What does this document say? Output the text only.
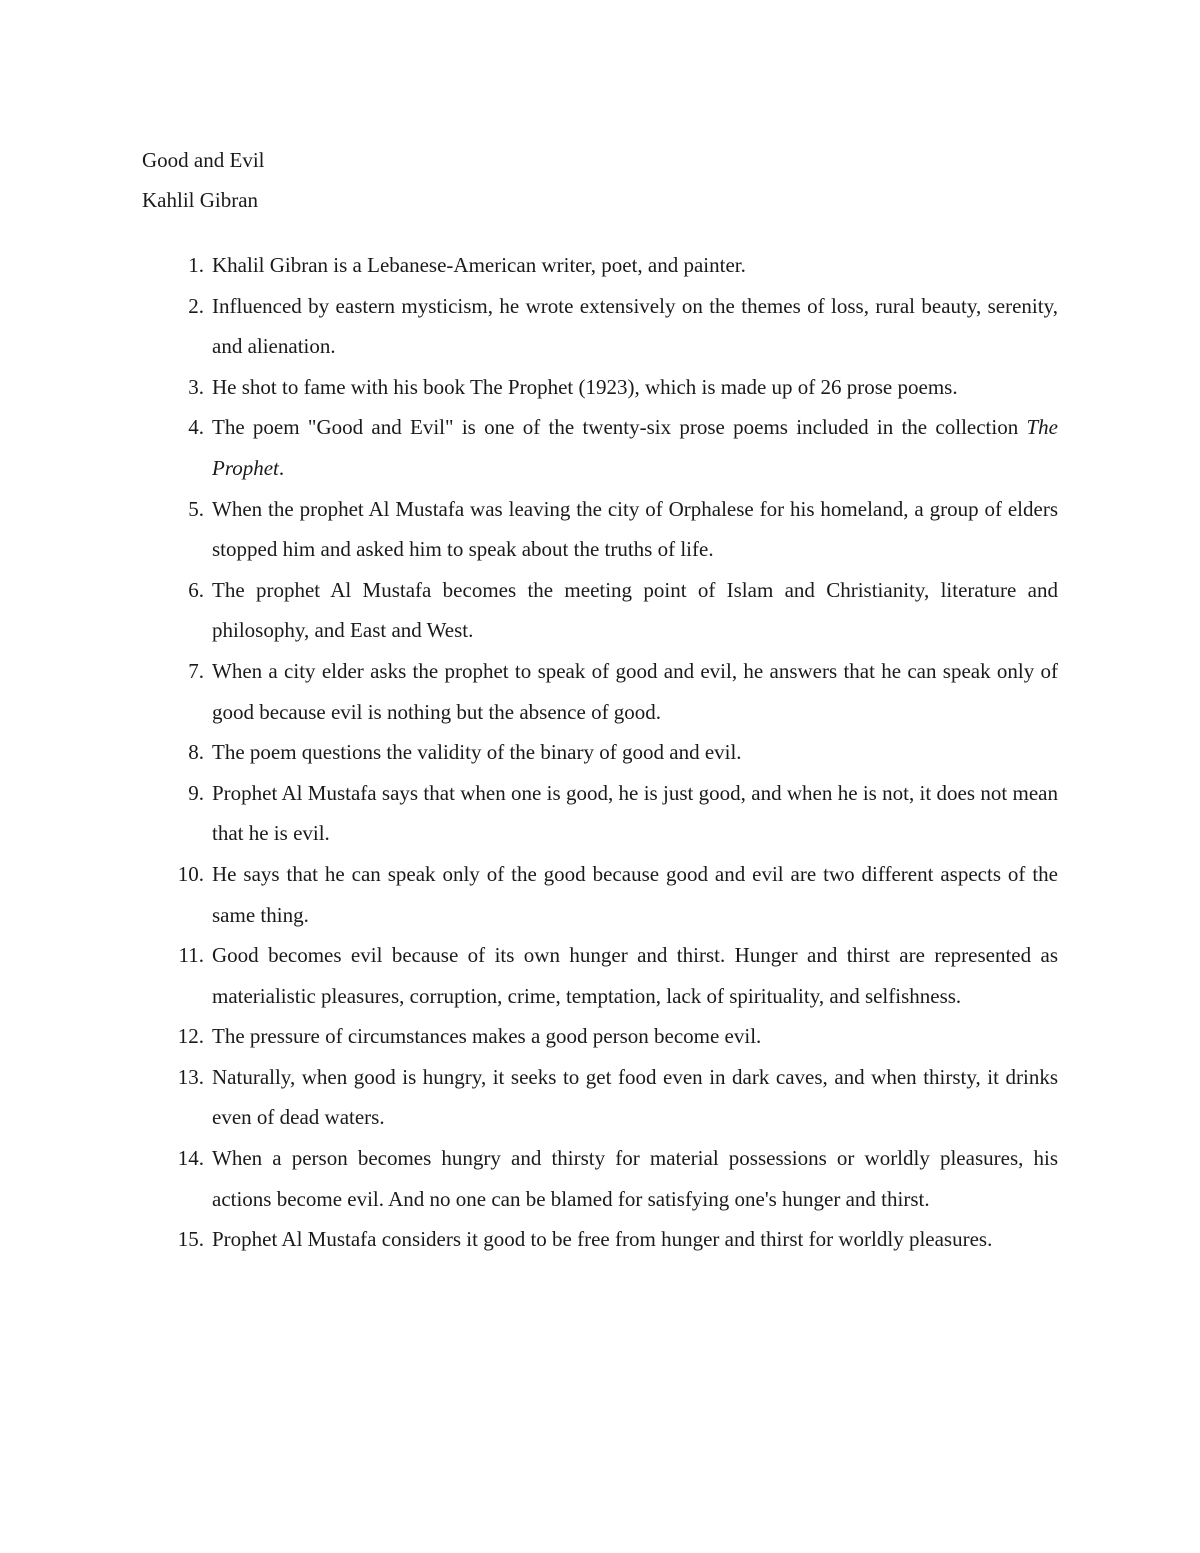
Good and Evil
Kahlil Gibran
1. Khalil Gibran is a Lebanese-American writer, poet, and painter.
2. Influenced by eastern mysticism, he wrote extensively on the themes of loss, rural beauty, serenity, and alienation.
3. He shot to fame with his book The Prophet (1923), which is made up of 26 prose poems.
4. The poem "Good and Evil" is one of the twenty-six prose poems included in the collection The Prophet.
5. When the prophet Al Mustafa was leaving the city of Orphalese for his homeland, a group of elders stopped him and asked him to speak about the truths of life.
6. The prophet Al Mustafa becomes the meeting point of Islam and Christianity, literature and philosophy, and East and West.
7. When a city elder asks the prophet to speak of good and evil, he answers that he can speak only of good because evil is nothing but the absence of good.
8. The poem questions the validity of the binary of good and evil.
9. Prophet Al Mustafa says that when one is good, he is just good, and when he is not, it does not mean that he is evil.
10. He says that he can speak only of the good because good and evil are two different aspects of the same thing.
11. Good becomes evil because of its own hunger and thirst. Hunger and thirst are represented as materialistic pleasures, corruption, crime, temptation, lack of spirituality, and selfishness.
12. The pressure of circumstances makes a good person become evil.
13. Naturally, when good is hungry, it seeks to get food even in dark caves, and when thirsty, it drinks even of dead waters.
14. When a person becomes hungry and thirsty for material possessions or worldly pleasures, his actions become evil. And no one can be blamed for satisfying one's hunger and thirst.
15. Prophet Al Mustafa considers it good to be free from hunger and thirst for worldly pleasures.
